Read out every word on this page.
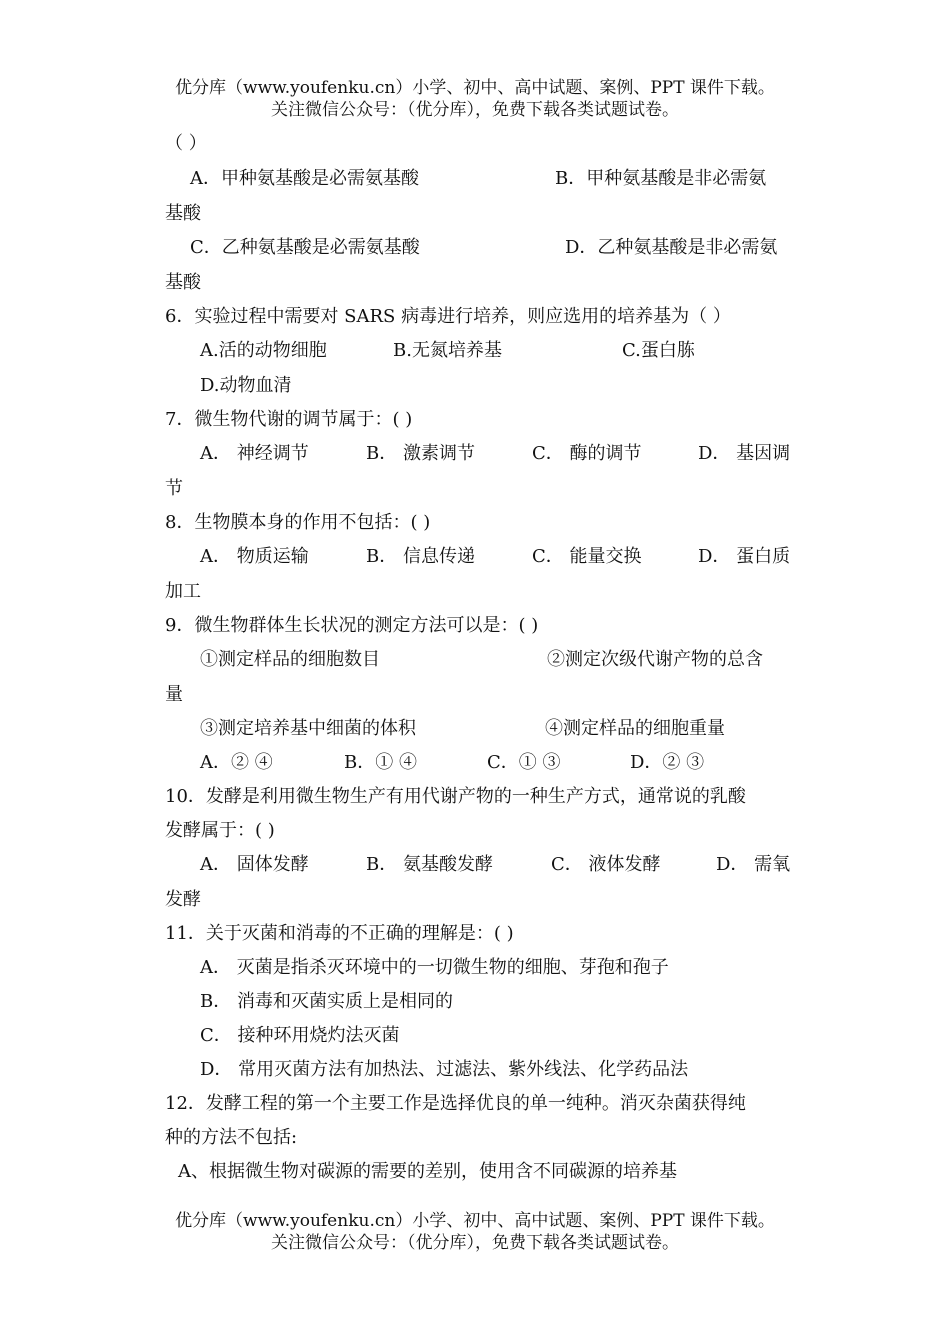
优分库（www.youfenku.cn）小学、初中、高中试题、案例、PPT 课件下载。
关注微信公众号：（优分库），免费下载各类试题试卷。
（ ）
A．甲种氨基酸是必需氨基酸	B．甲种氨基酸是非必需氨
基酸
C．乙种氨基酸是必需氨基酸	D．乙种氨基酸是非必需氨
基酸
6．实验过程中需要对 SARS 病毒进行培养，则应选用的培养基为（ ）
A.活的动物细胞	B.无氮培养基	C.蛋白胨
D.动物血清
7．微生物代谢的调节属于：( )
A． 神经调节	B． 激素调节	C． 酶的调节	D． 基因调
节
8．生物膜本身的作用不包括：( )
A． 物质运输	B． 信息传递	C． 能量交换	D． 蛋白质
加工
9．微生物群体生长状况的测定方法可以是：( )
①测定样品的细胞数目	②测定次级代谢产物的总含
量
③测定培养基中细菌的体积	④测定样品的细胞重量
A．② ④	B．① ④	C．① ③	D．② ③
10．发酵是利用微生物生产有用代谢产物的一种生产方式，通常说的乳酸
发酵属于：( )
A． 固体发酵	B． 氨基酸发酵	C． 液体发酵	D． 需氧
发酵
11．关于灭菌和消毒的不正确的理解是：( )
A． 灭菌是指杀灭环境中的一切微生物的细胞、芽孢和孢子
B． 消毒和灭菌实质上是相同的
C． 接种环用烧灼法灭菌
D． 常用灭菌方法有加热法、过滤法、紫外线法、化学药品法
12．发酵工程的第一个主要工作是选择优良的单一纯种。消灭杂菌获得纯
种的方法不包括:
A、根据微生物对碳源的需要的差别，使用含不同碳源的培养基
优分库（www.youfenku.cn）小学、初中、高中试题、案例、PPT 课件下载。
关注微信公众号：（优分库），免费下载各类试题试卷。
